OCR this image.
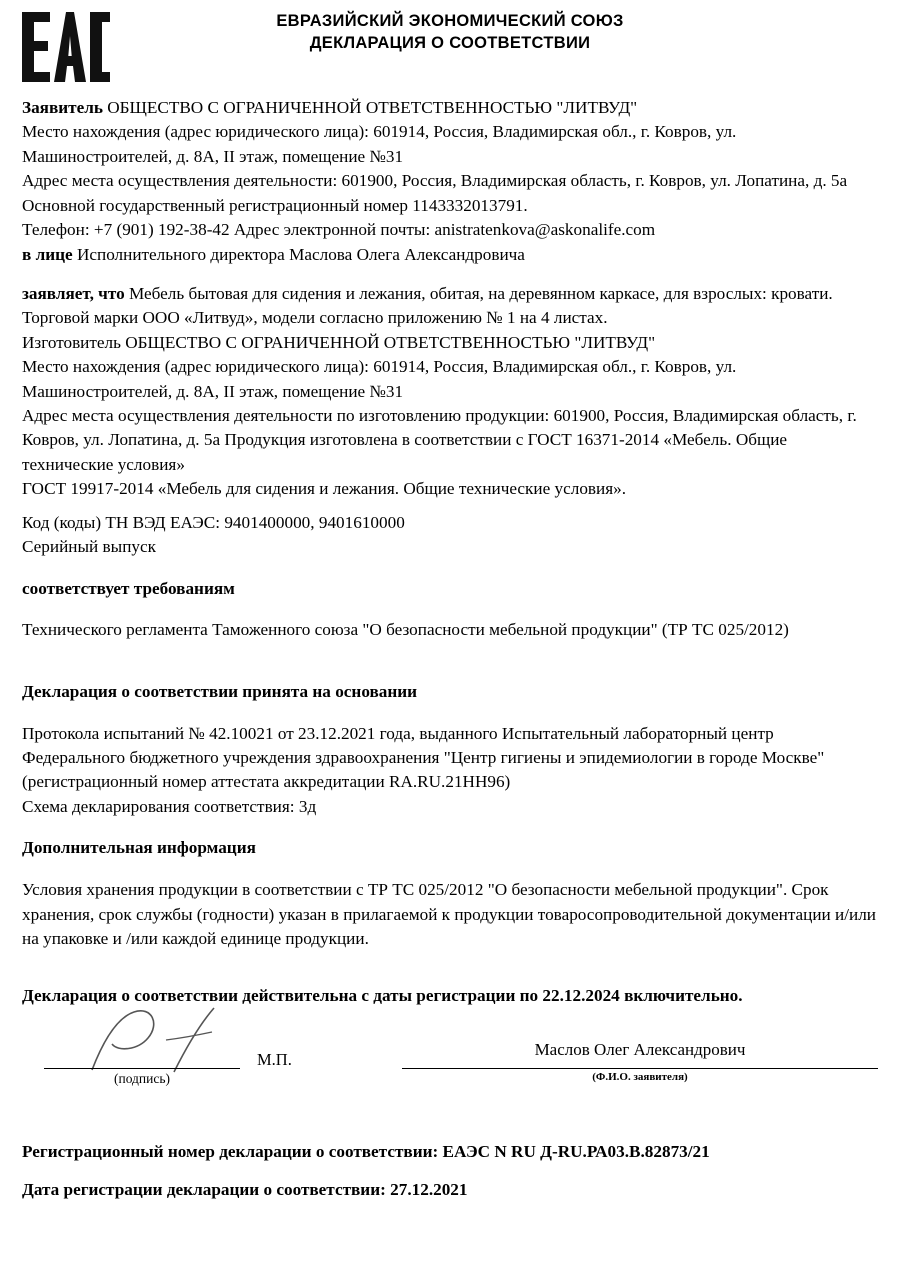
ЕВРАЗИЙСКИЙ ЭКОНОМИЧЕСКИЙ СОЮЗ
ДЕКЛАРАЦИЯ О СООТВЕТСТВИИ

Заявитель ОБЩЕСТВО С ОГРАНИЧЕННОЙ ОТВЕТСТВЕННОСТЬЮ "ЛИТВУД"

Место нахождения (адрес юридического лица): 601914, Россия, Владимирская обл., г. Ковров, ул. Машиностроителей, д. 8А, II этаж, помещение №31

Адрес места осуществления деятельности: 601900, Россия, Владимирская область, г. Ковров, ул. Лопатина, д. 5а

Основной государственный регистрационный номер 1143332013791.

Телефон: +7 (901) 192-38-42 Адрес электронной почты: anistratenkova@askonalife.com

в лице Исполнительного директора Маслова Олега Александровича

заявляет, что Мебель бытовая для сидения и лежания, обитая, на деревянном каркасе, для взрослых: кровати. Торговой марки ООО «Литвуд», модели согласно приложению № 1 на 4 листах.

Изготовитель ОБЩЕСТВО С ОГРАНИЧЕННОЙ ОТВЕТСТВЕННОСТЬЮ "ЛИТВУД"

Место нахождения (адрес юридического лица): 601914, Россия, Владимирская обл., г. Ковров, ул. Машиностроителей, д. 8А, II этаж, помещение №31

Адрес места осуществления деятельности по изготовлению продукции: 601900, Россия, Владимирская область, г. Ковров, ул. Лопатина, д. 5а Продукция изготовлена в соответствии с ГОСТ 16371-2014 «Мебель. Общие технические условия»

ГОСТ 19917-2014 «Мебель для сидения и лежания. Общие технические условия».

Код (коды) ТН ВЭД ЕАЭС: 9401400000, 9401610000

Серийный выпуск

соответствует требованиям

Технического регламента Таможенного союза "О безопасности мебельной продукции" (ТР ТС 025/2012)

Декларация о соответствии принята на основании

Протокола испытаний № 42.10021 от 23.12.2021 года, выданного Испытательный лабораторный центр Федерального бюджетного учреждения здравоохранения "Центр гигиены и эпидемиологии в городе Москве" (регистрационный номер аттестата аккредитации RA.RU.21НН96)

Схема декларирования соответствия: 3д

Дополнительная информация

Условия хранения продукции в соответствии с ТР ТС 025/2012 "О безопасности мебельной продукции". Срок хранения, срок службы (годности) указан в прилагаемой к продукции товаросопроводительной документации и/или на упаковке и /или каждой единице продукции.

Декларация о соответствии действительна с даты регистрации по 22.12.2024 включительно.

(подпись)
М.П.
Маслов Олег Александрович
(Ф.И.О. заявителя)
Регистрационный номер декларации о соответствии: ЕАЭС N RU Д-RU.РА03.В.82873/21
Дата регистрации декларации о соответствии: 27.12.2021
